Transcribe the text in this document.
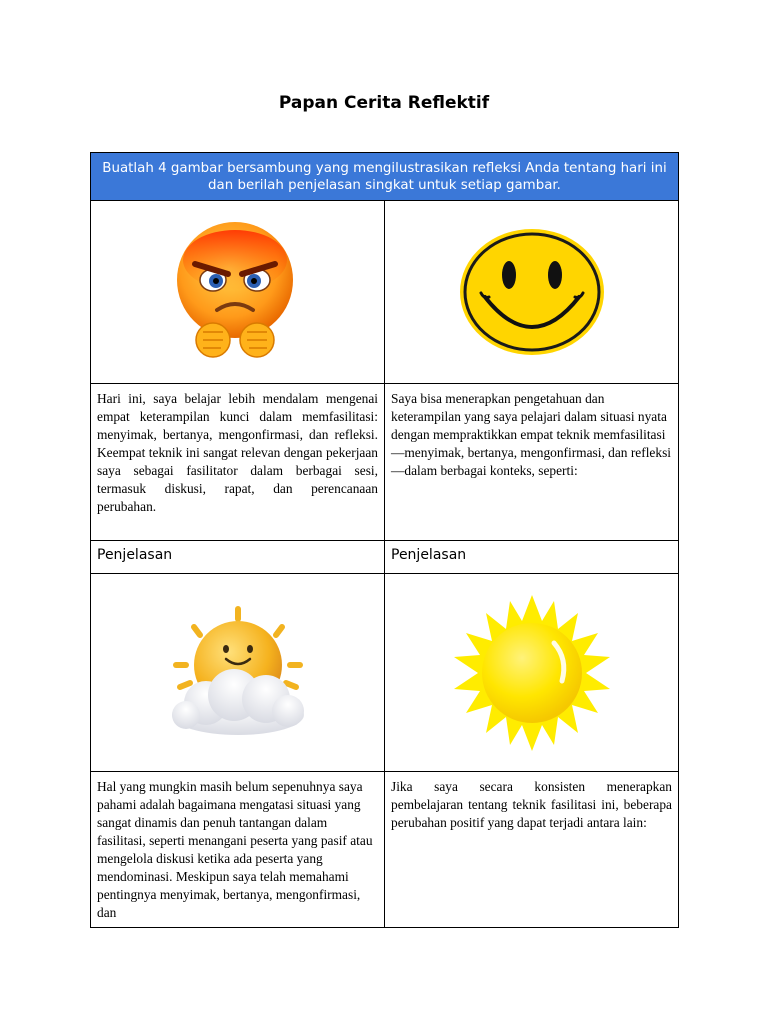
Papan Cerita Reflektif
Buatlah 4 gambar bersambung yang mengilustrasikan refleksi Anda tentang hari ini dan berilah penjelasan singkat untuk setiap gambar.

Hari ini, saya belajar lebih mendalam mengenai empat keterampilan kunci dalam memfasilitasi: menyimak, bertanya, mengonfirmasi, dan refleksi. Keempat teknik ini sangat relevan dengan pekerjaan saya sebagai fasilitator dalam berbagai sesi, termasuk diskusi, rapat, dan perencanaan perubahan.

Saya bisa menerapkan pengetahuan dan keterampilan yang saya pelajari dalam situasi nyata dengan mempraktikkan empat teknik memfasilitasi—menyimak, bertanya, mengonfirmasi, dan refleksi—dalam berbagai konteks, seperti:

Penjelasan	Penjelasan

Hal yang mungkin masih belum sepenuhnya saya pahami adalah bagaimana mengatasi situasi yang sangat dinamis dan penuh tantangan dalam fasilitasi, seperti menangani peserta yang pasif atau mengelola diskusi ketika ada peserta yang mendominasi. Meskipun saya telah memahami pentingnya menyimak, bertanya, mengonfirmasi, dan

Jika saya secara konsisten menerapkan pembelajaran tentang teknik fasilitasi ini, beberapa perubahan positif yang dapat terjadi antara lain:
